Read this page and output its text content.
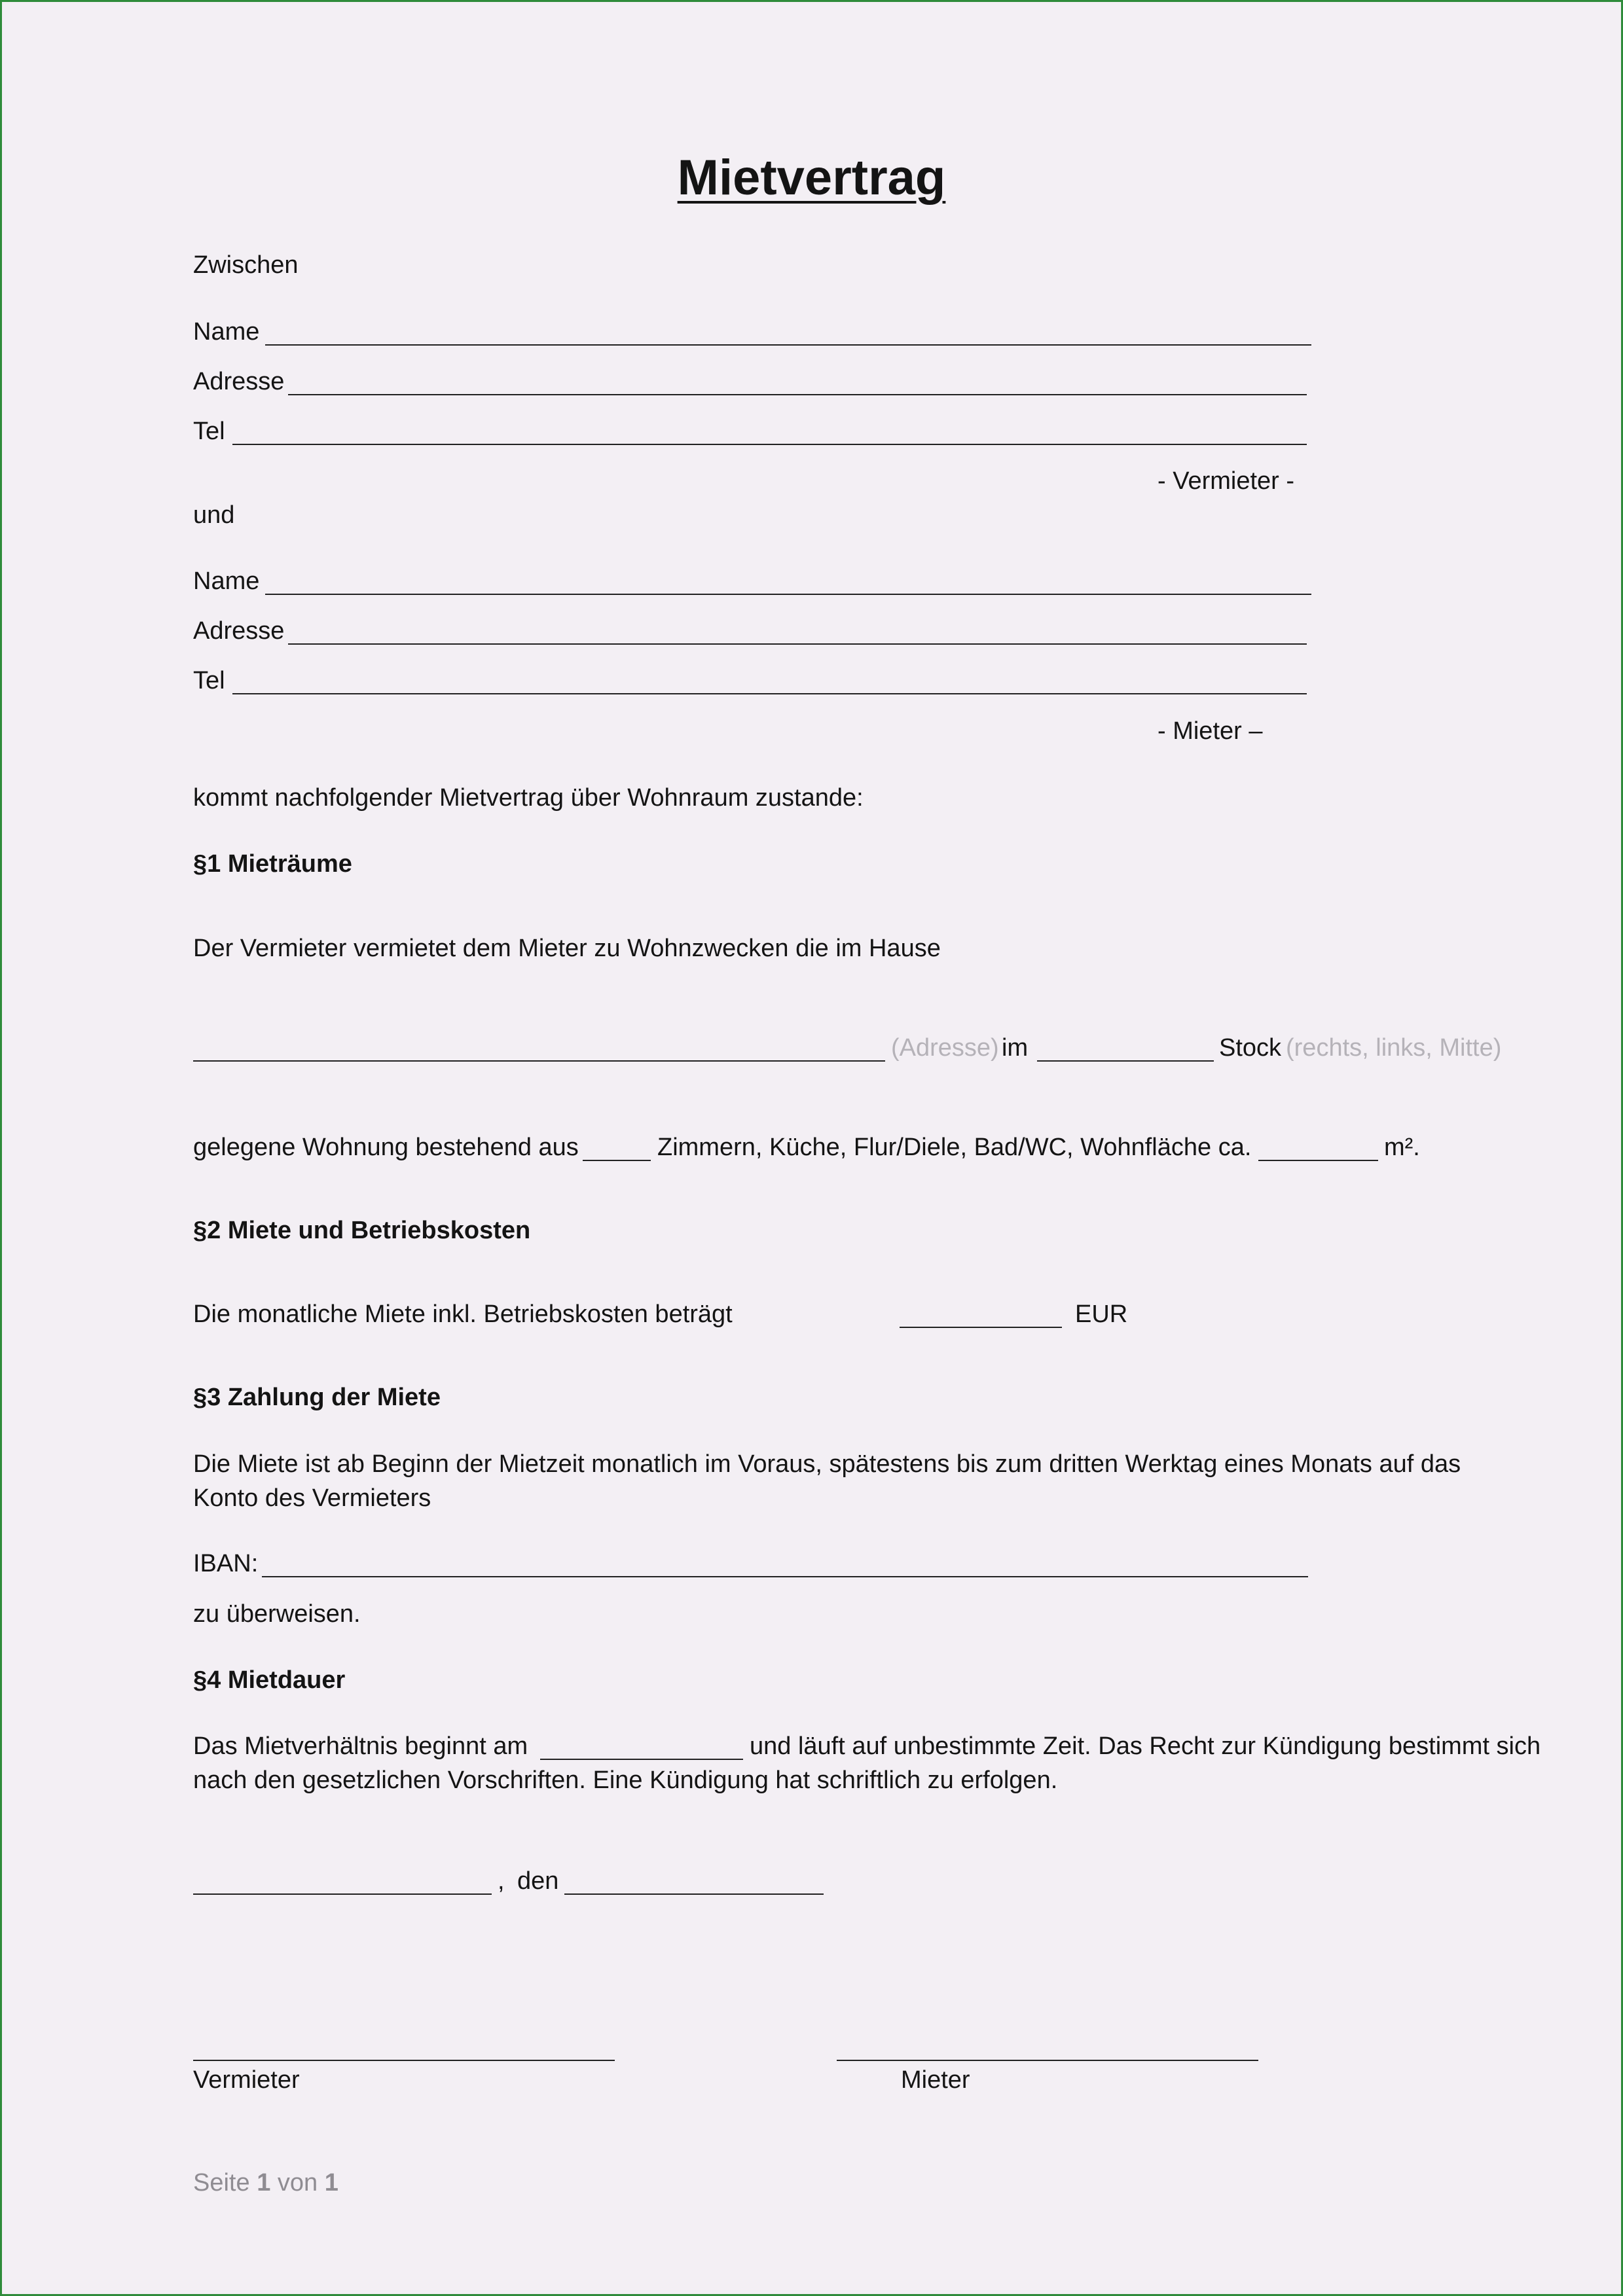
Mietvertrag
Zwischen
Name
Adresse
Tel
- Vermieter -
und
Name
Adresse
Tel
- Mieter –
kommt nachfolgender Mietvertrag über Wohnraum zustande:
§1 Mieträume
Der Vermieter vermietet dem Mieter zu Wohnzwecken die im Hause
(Adresse) im	Stock (rechts, links, Mitte)
gelegene Wohnung bestehend aus	Zimmern, Küche, Flur/Diele, Bad/WC, Wohnfläche ca.	m².
§2 Miete und Betriebskosten
Die monatliche Miete inkl. Betriebskosten beträgt	EUR
§3 Zahlung der Miete
Die Miete ist ab Beginn der Mietzeit monatlich im Voraus, spätestens bis zum dritten Werktag eines Monats auf das
Konto des Vermieters
IBAN:
zu überweisen.
§4 Mietdauer
Das Mietverhältnis beginnt am	und läuft auf unbestimmte Zeit. Das Recht zur Kündigung bestimmt sich
nach den gesetzlichen Vorschriften. Eine Kündigung hat schriftlich zu erfolgen.
, den
Vermieter	Mieter
Seite 1 von 1
